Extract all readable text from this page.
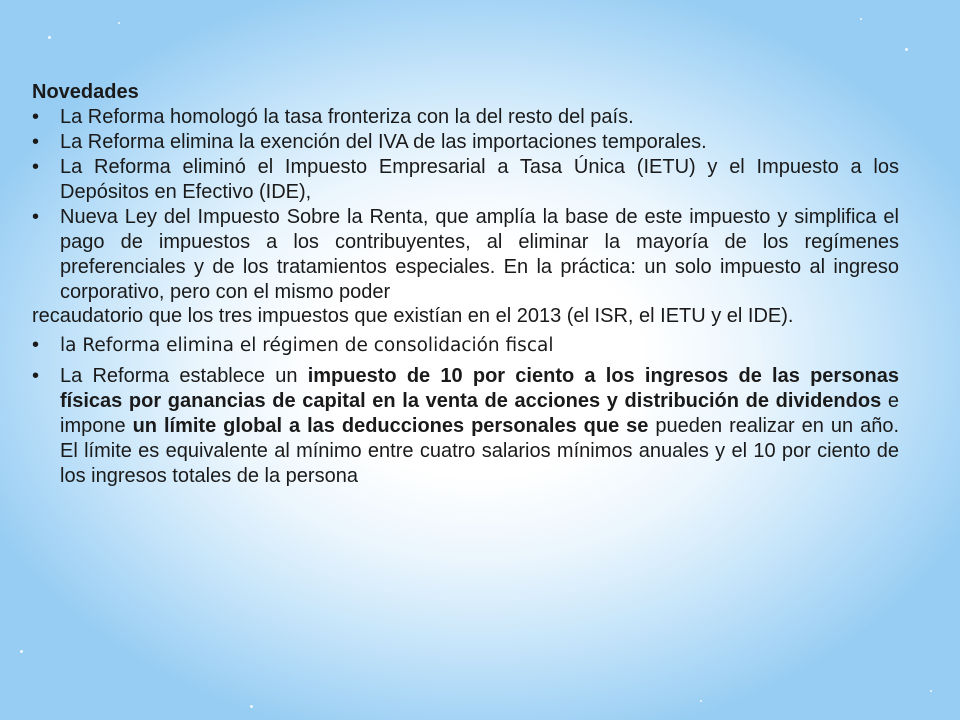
Novedades
•	La Reforma homologó la tasa fronteriza con la del resto del país.
•	La Reforma elimina la exención del IVA de las importaciones temporales.
•	La Reforma eliminó el Impuesto Empresarial a Tasa Única (IETU) y el Impuesto a los Depósitos en Efectivo (IDE),
•	Nueva Ley del Impuesto Sobre la Renta, que amplía la base de este impuesto y simplifica el pago de impuestos a los contribuyentes, al eliminar la mayoría de los regímenes preferenciales y de los tratamientos especiales. En la práctica: un solo impuesto al ingreso corporativo, pero con el mismo poder
recaudatorio que los tres impuestos que existían en el 2013 (el ISR, el IETU y el IDE).
•	la Reforma elimina el régimen de consolidación fiscal
•	La Reforma establece un impuesto de 10 por ciento a los ingresos de las personas físicas por ganancias de capital en la venta de acciones y distribución de dividendos e impone un límite global a las deducciones personales que se pueden realizar en un año. El límite es equivalente al mínimo entre cuatro salarios mínimos anuales y el 10 por ciento de los ingresos totales de la persona
